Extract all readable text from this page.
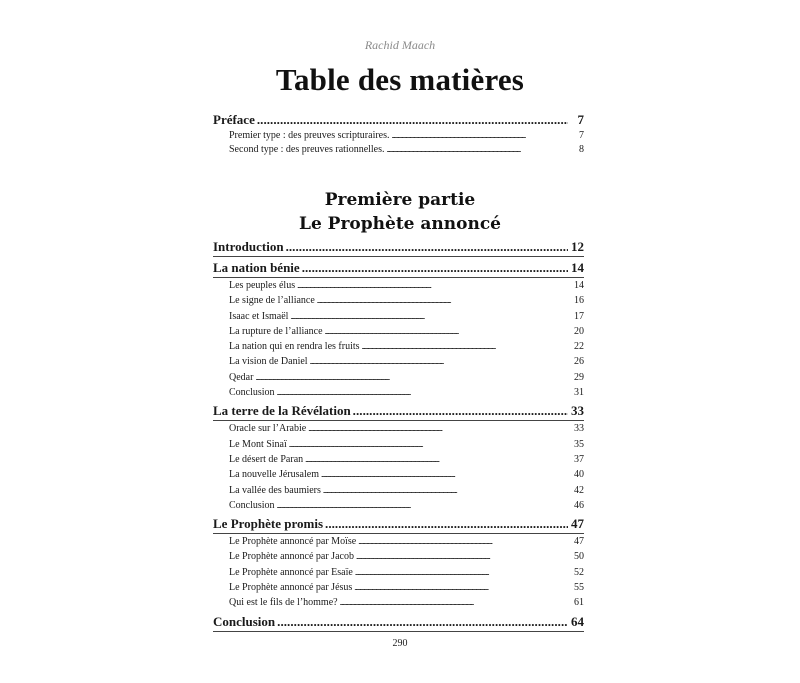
Rachid Maach
Table des matières
Préface . . .	7
Premier type : des preuves scripturaires. . . .	7
Second type : des preuves rationnelles. . . .	8
Première partie
Le Prophète annoncé
Introduction . . .	12
La nation bénie . . .	14
Les peuples élus . . .	14
Le signe de l’alliance . . .	16
Isaac et Ismaël . . .	17
La rupture de l’alliance . . .	20
La nation qui en rendra les fruits . . .	22
La vision de Daniel . . .	26
Qedar . . .	29
Conclusion . . .	31
La terre de la Révélation . . .	33
Oracle sur l’Arabie . . .	33
Le Mont Sinaï . . .	35
Le désert de Paran . . .	37
La nouvelle Jérusalem . . .	40
La vallée des baumiers . . .	42
Conclusion . . .	46
Le Prophète promis . . .	47
Le Prophète annoncé par Moïse . . .	47
Le Prophète annoncé par Jacob . . .	50
Le Prophète annoncé par Esaïe . . .	52
Le Prophète annoncé par Jésus . . .	55
Qui est le fils de l’homme? . . .	61
Conclusion . . .	64
290
